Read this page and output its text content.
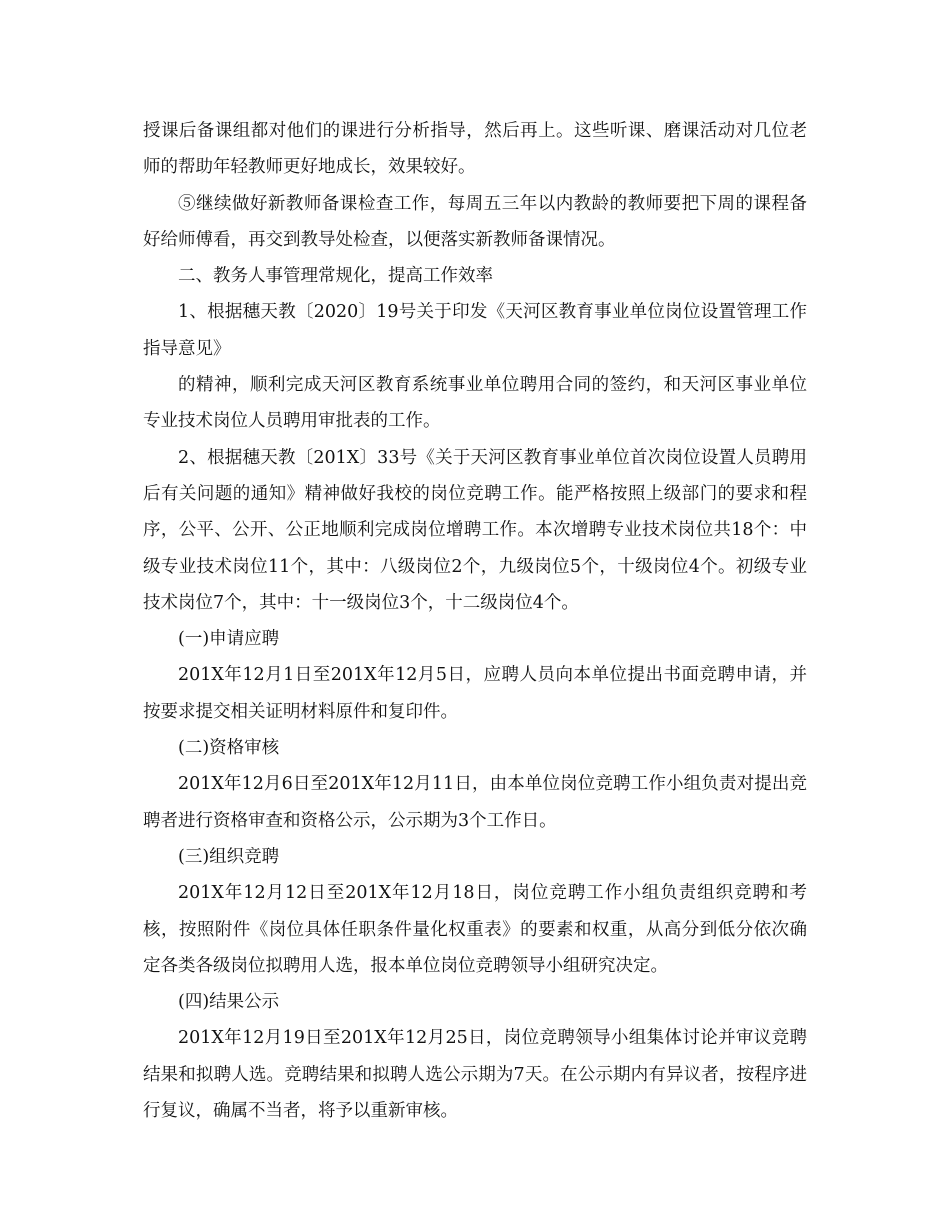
授课后备课组都对他们的课进行分析指导，然后再上。这些听课、磨课活动对几位老师的帮助年轻教师更好地成长，效果较好。

⑤继续做好新教师备课检查工作，每周五三年以内教龄的教师要把下周的课程备好给师傅看，再交到教导处检查，以便落实新教师备课情况。

二、教务人事管理常规化，提高工作效率

1、根据穗天教〔2020〕19号关于印发《天河区教育事业单位岗位设置管理工作指导意见》

的精神，顺利完成天河区教育系统事业单位聘用合同的签约，和天河区事业单位专业技术岗位人员聘用审批表的工作。

2、根据穗天教〔201X〕33号《关于天河区教育事业单位首次岗位设置人员聘用后有关问题的通知》精神做好我校的岗位竞聘工作。能严格按照上级部门的要求和程序，公平、公开、公正地顺利完成岗位增聘工作。本次增聘专业技术岗位共18个：中级专业技术岗位11个，其中：八级岗位2个，九级岗位5个，十级岗位4个。初级专业技术岗位7个，其中：十一级岗位3个，十二级岗位4个。

(一)申请应聘

201X年12月1日至201X年12月5日，应聘人员向本单位提出书面竞聘申请，并按要求提交相关证明材料原件和复印件。

(二)资格审核

201X年12月6日至201X年12月11日，由本单位岗位竞聘工作小组负责对提出竞聘者进行资格审查和资格公示，公示期为3个工作日。

(三)组织竞聘

201X年12月12日至201X年12月18日，岗位竞聘工作小组负责组织竞聘和考核，按照附件《岗位具体任职条件量化权重表》的要素和权重，从高分到低分依次确定各类各级岗位拟聘用人选，报本单位岗位竞聘领导小组研究决定。

(四)结果公示

201X年12月19日至201X年12月25日，岗位竞聘领导小组集体讨论并审议竞聘结果和拟聘人选。竞聘结果和拟聘人选公示期为7天。在公示期内有异议者，按程序进行复议，确属不当者，将予以重新审核。
